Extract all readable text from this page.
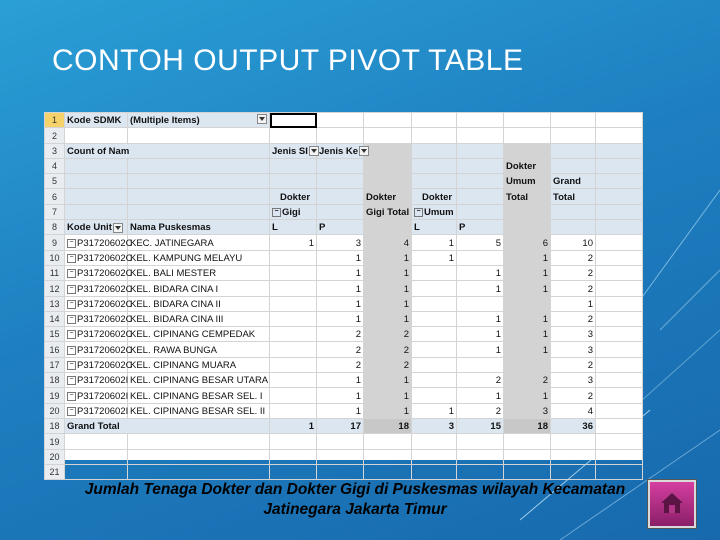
CONTOH OUTPUT PIVOT TABLE
1	Kode SDMK	(Multiple Items)

2										
3	Count of Nam		Jenis SI	Jenis Ke						
4								Dokter		
5								Umum	Grand	
6			Dokter		Dokter	Dokter		Total	Total	
7			−Gigi		Gigi Total	−Umum				
8	Kode Unit	Nama Puskesmas	L	P		L	P			
9	−P31720602C	KEC. JATINEGARA	1	3	4	1	5	6	10	
10	−P31720602C	KEL. KAMPUNG MELAYU		1	1	1		1	2	
11	−P31720602C	KEL. BALI MESTER		1	1		1	1	2	
12	−P31720602C	KEL. BIDARA CINA I		1	1		1	1	2	
13	−P31720602C	KEL. BIDARA CINA II		1	1				1	
14	−P31720602C	KEL. BIDARA CINA III		1	1		1	1	2	
15	−P31720602C	KEL. CIPINANG CEMPEDAK		2	2		1	1	3	
16	−P31720602C	KEL. RAWA BUNGA		2	2		1	1	3	
17	−P31720602C	KEL. CIPINANG MUARA		2	2				2	
18	−P31720602I	KEL. CIPINANG BESAR UTARA		1	1		2	2	3	
19	−P31720602I	KEL. CIPINANG BESAR SEL. I		1	1		1	1	2	
20	−P31720602I	KEL. CIPINANG BESAR SEL. II		1	1	1	2	3	4	
18	Grand Total		1	17	18	3	15	18	36	
19										
20										
21										
Jumlah Tenaga Dokter dan Dokter Gigi di Puskesmas wilayah Kecamatan
Jatinegara Jakarta Timur
